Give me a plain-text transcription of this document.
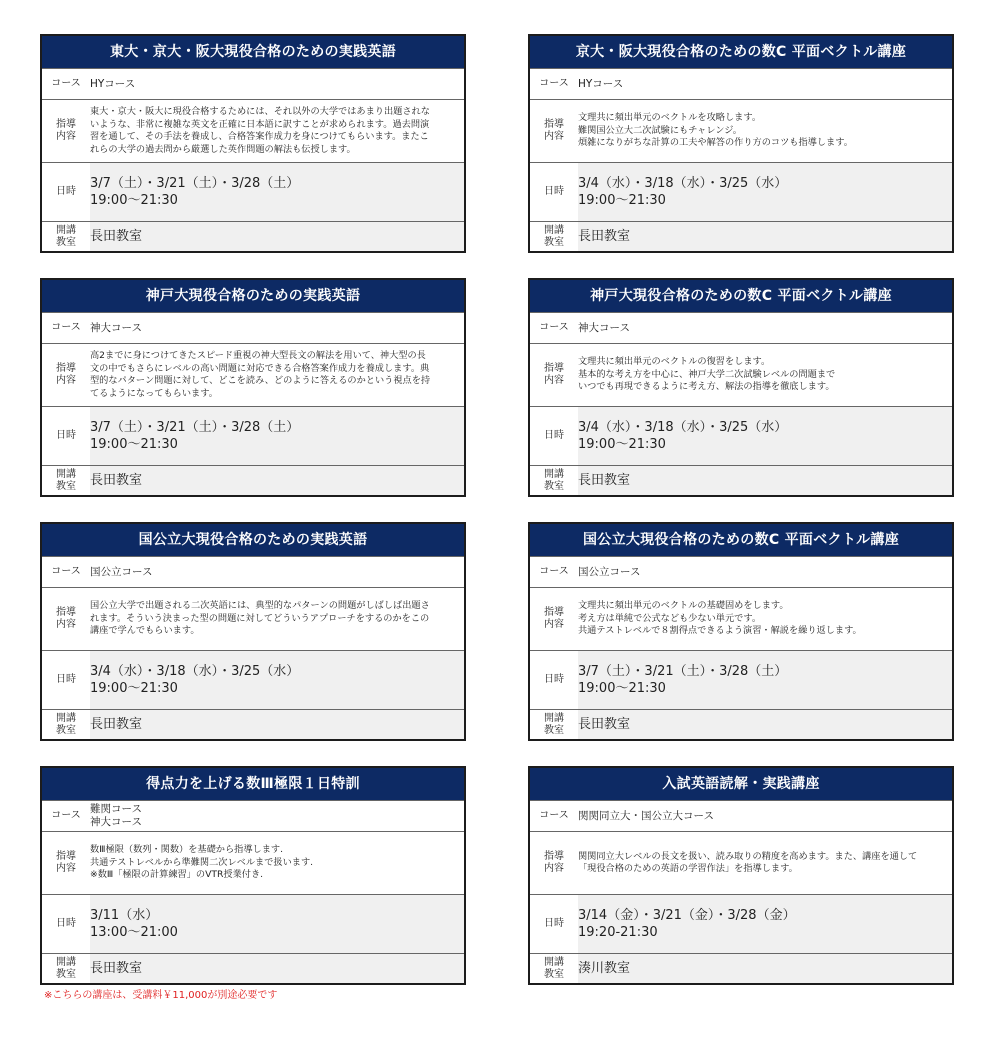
東大・京大・阪大現役合格のための実践英語
コース HYコース
指導
内容
東大・京大・阪大に現役合格するためには、それ以外の大学ではあまり出題されな
いような、非常に複雑な英文を正確に日本語に訳すことが求められます。過去問演
習を通して、その手法を養成し、合格答案作成力を身につけてもらいます。またこ
れらの大学の過去問から厳選した英作問題の解法も伝授します。
日時
3/7（土）・3/21（土）・3/28（土）
19:00～21:30
開講
教室	長田教室
京大・阪大現役合格のための数C 平面ベクトル講座
コース HYコース
指導
内容
文理共に頻出単元のベクトルを攻略します。
難関国公立大二次試験にもチャレンジ。
煩雑になりがちな計算の工夫や解答の作り方のコツも指導します。
日時
3/4（水）・3/18（水）・3/25（水）
19:00～21:30
開講
教室	長田教室
神戸大現役合格のための実践英語
コース 神大コース
指導
内容
高2までに身につけてきたスピード重視の神大型長文の解法を用いて、神大型の長
文の中でもさらにレベルの高い問題に対応できる合格答案作成力を養成します。典
型的なパターン問題に対して、どこを読み、どのように答えるのかという視点を持
てるようになってもらいます。
日時
3/7（土）・3/21（土）・3/28（土）
19:00～21:30
開講
教室	長田教室
神戸大現役合格のための数C 平面ベクトル講座
コース 神大コース
指導
内容
文理共に頻出単元のベクトルの復習をします。
基本的な考え方を中心に、神戸大学二次試験レベルの問題まで
いつでも再現できるように考え方、解法の指導を徹底します。
日時
3/4（水）・3/18（水）・3/25（水）
19:00～21:30
開講
教室	長田教室
国公立大現役合格のための実践英語
コース 国公立コース
指導
内容
国公立大学で出題される二次英語には、典型的なパターンの問題がしばしば出題さ
れます。そういう決まった型の問題に対してどういうアプローチをするのかをこの
講座で学んでもらいます。
日時
3/4（水）・3/18（水）・3/25（水）
19:00～21:30
開講
教室	長田教室
国公立大現役合格のための数C 平面ベクトル講座
コース 国公立コース
指導
内容
文理共に頻出単元のベクトルの基礎固めをします。
考え方は単純で公式なども少ない単元です。
共通テストレベルで８割得点できるよう演習・解説を繰り返します。
日時
3/7（土）・3/21（土）・3/28（土）
19:00～21:30
開講
教室	長田教室
得点力を上げる数Ⅲ極限１日特訓
コース
難関コース
神大コース
指導
内容
数Ⅲ極限（数列・関数）を基礎から指導します.
共通テストレベルから準難関二次レベルまで扱います.
※数Ⅲ「極限の計算練習」のVTR授業付き.
日時
3/11（水）
13:00～21:00
開講
教室	長田教室
入試英語読解・実践講座
コース 関関同立大・国公立大コース
指導
内容
関関同立大レベルの長文を扱い、読み取りの精度を高めます。また、講座を通して
「現役合格のための英語の学習作法」を指導します。
日時
3/14（金）・3/21（金）・3/28（金）
19:20-21:30
開講
教室	湊川教室
※こちらの講座は、受講料￥11,000が別途必要です
